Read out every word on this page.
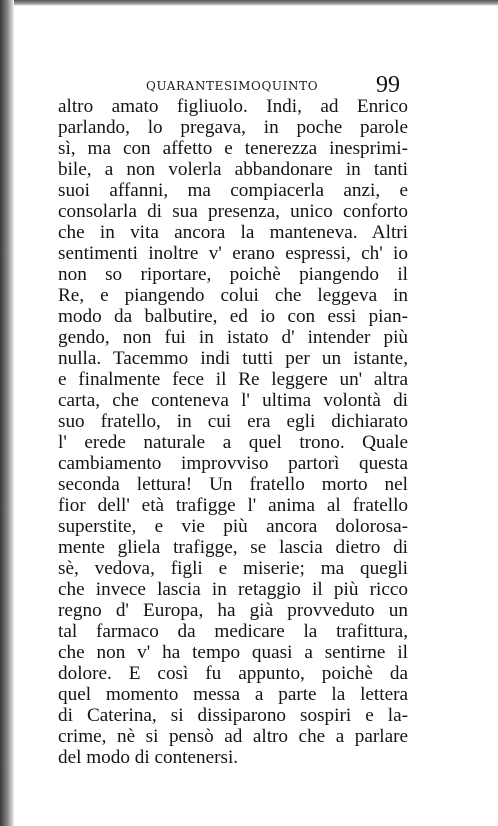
QUARANTESIMOQUINTO 99
altro amato figliuolo. Indi, ad Enrico
parlando, lo pregava, in poche parole
sì, ma con affetto e tenerezza inesprimi-
bile, a non volerla abbandonare in tanti
suoi affanni, ma compiacerla anzi, e
consolarla di sua presenza, unico conforto
che in vita ancora la manteneva. Altri
sentimenti inoltre v' erano espressi, ch' io
non so riportare, poichè piangendo il
Re, e piangendo colui che leggeva in
modo da balbutire, ed io con essi pian-
gendo, non fui in istato d' intender più
nulla. Tacemmo indi tutti per un istante,
e finalmente fece il Re leggere un' altra
carta, che conteneva l' ultima volontà di
suo fratello, in cui era egli dichiarato
l' erede naturale a quel trono. Quale
cambiamento improvviso partorì questa
seconda lettura! Un fratello morto nel
fior dell' età trafigge l' anima al fratello
superstite, e vie più ancora dolorosa-
mente gliela trafigge, se lascia dietro di
sè, vedova, figli e miserie; ma quegli
che invece lascia in retaggio il più ricco
regno d' Europa, ha già provveduto un
tal farmaco da medicare la trafittura,
che non v' ha tempo quasi a sentirne il
dolore. E così fu appunto, poichè da
quel momento messa a parte la lettera
di Caterina, si dissiparono sospiri e la-
crime, nè si pensò ad altro che a parlare
del modo di contenersi.
